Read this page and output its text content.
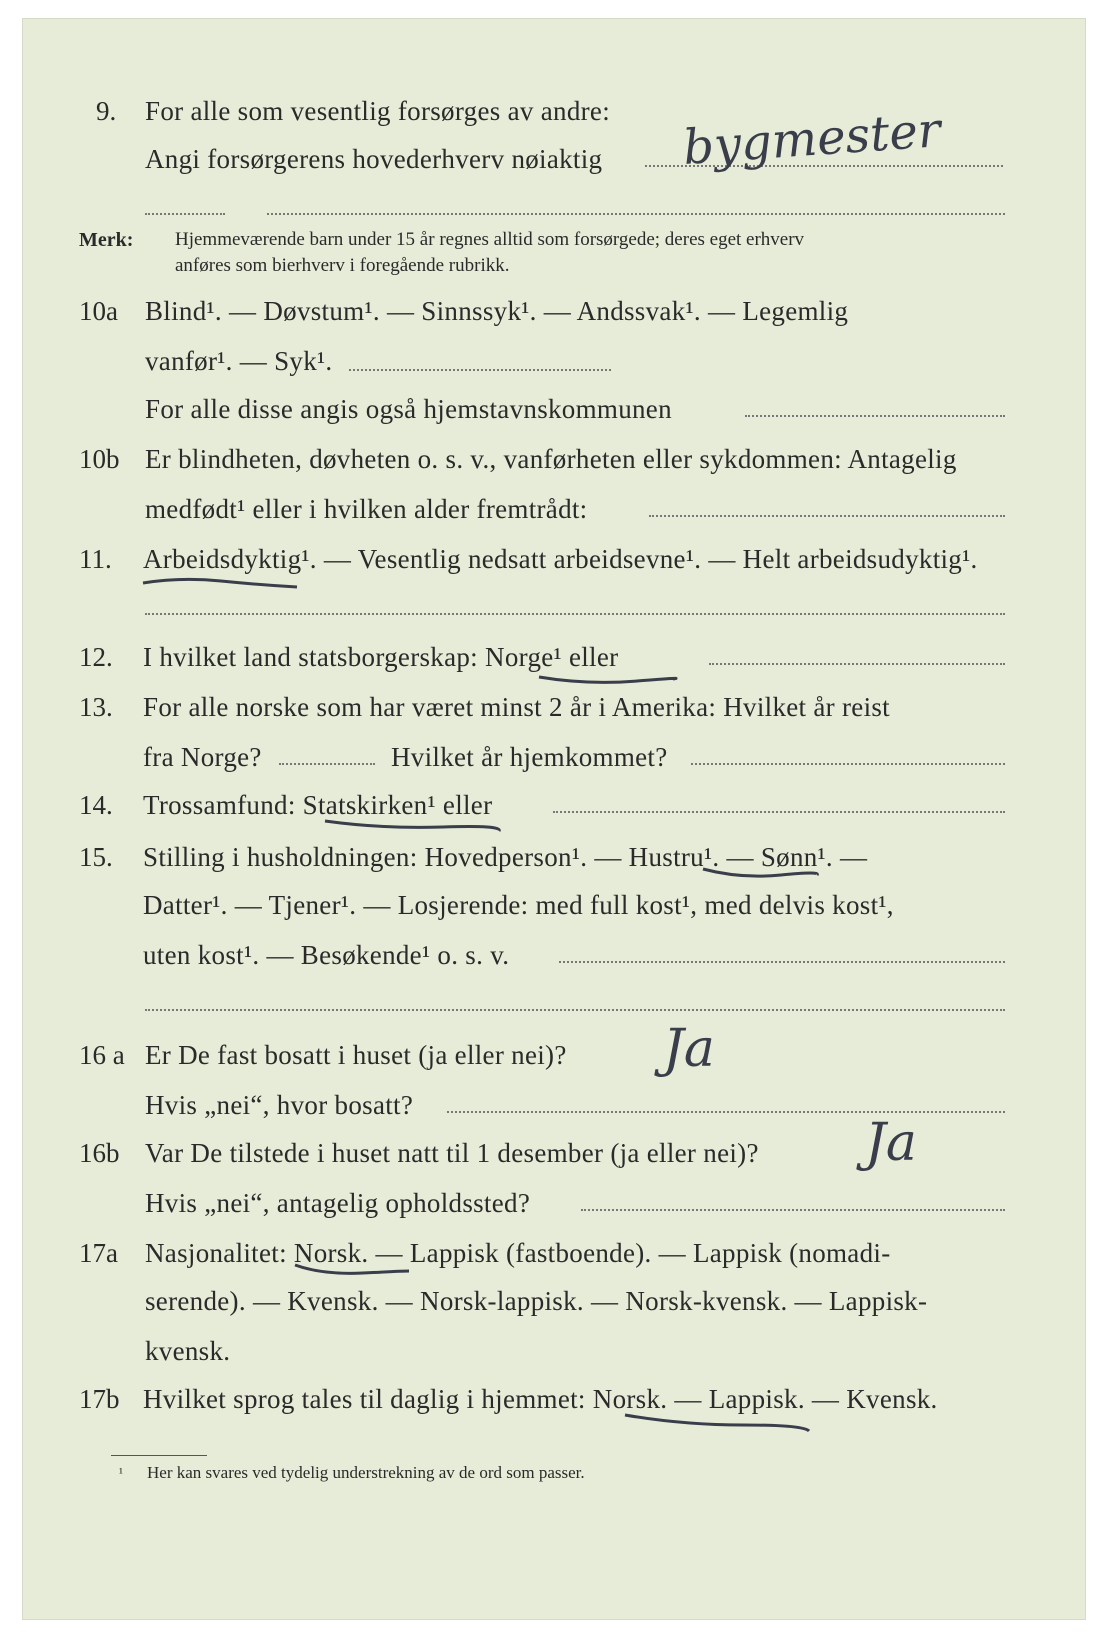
9. For alle som vesentlig forsørges av andre:
Angi forsørgerens hovederhverv nøiaktig bygmester
Merk: Hjemmeværende barn under 15 år regnes alltid som forsørgede; deres eget erhverv
anføres som bierhverv i foregående rubrikk.
10a Blind¹. — Døvstum¹. — Sinnssyk¹. — Andssvak¹. — Legemlig
vanfør¹. — Syk¹.
For alle disse angis også hjemstavnskommunen
10b Er blindheten, døvheten o. s. v., vanførheten eller sykdommen: Antagelig
medfødt¹ eller i hvilken alder fremtrådt:
11. Arbeidsdyktig¹. — Vesentlig nedsatt arbeidsevne¹. — Helt arbeidsudyktig¹.
12. I hvilket land statsborgerskap: Norge¹ eller
13. For alle norske som har været minst 2 år i Amerika: Hvilket år reist
fra Norge?	Hvilket år hjemkommet?
14. Trossamfund: Statskirken¹ eller
15. Stilling i husholdningen: Hovedperson¹. — Hustru¹. — Sønn¹. —
Datter¹. — Tjener¹. — Losjerende: med full kost¹, med delvis kost¹,
uten kost¹. — Besøkende¹ o. s. v.
16 a Er De fast bosatt i huset (ja eller nei)? Ja
Hvis „nei“, hvor bosatt?
16b Var De tilstede i huset natt til 1 desember (ja eller nei)? Ja
Hvis „nei“, antagelig opholdssted?
17a Nasjonalitet: Norsk. — Lappisk (fastboende). — Lappisk (nomadi-
serende). — Kvensk. — Norsk-lappisk. — Norsk-kvensk. — Lappisk-
kvensk.
17b Hvilket sprog tales til daglig i hjemmet: Norsk. — Lappisk. — Kvensk.
¹ Her kan svares ved tydelig understrekning av de ord som passer.
